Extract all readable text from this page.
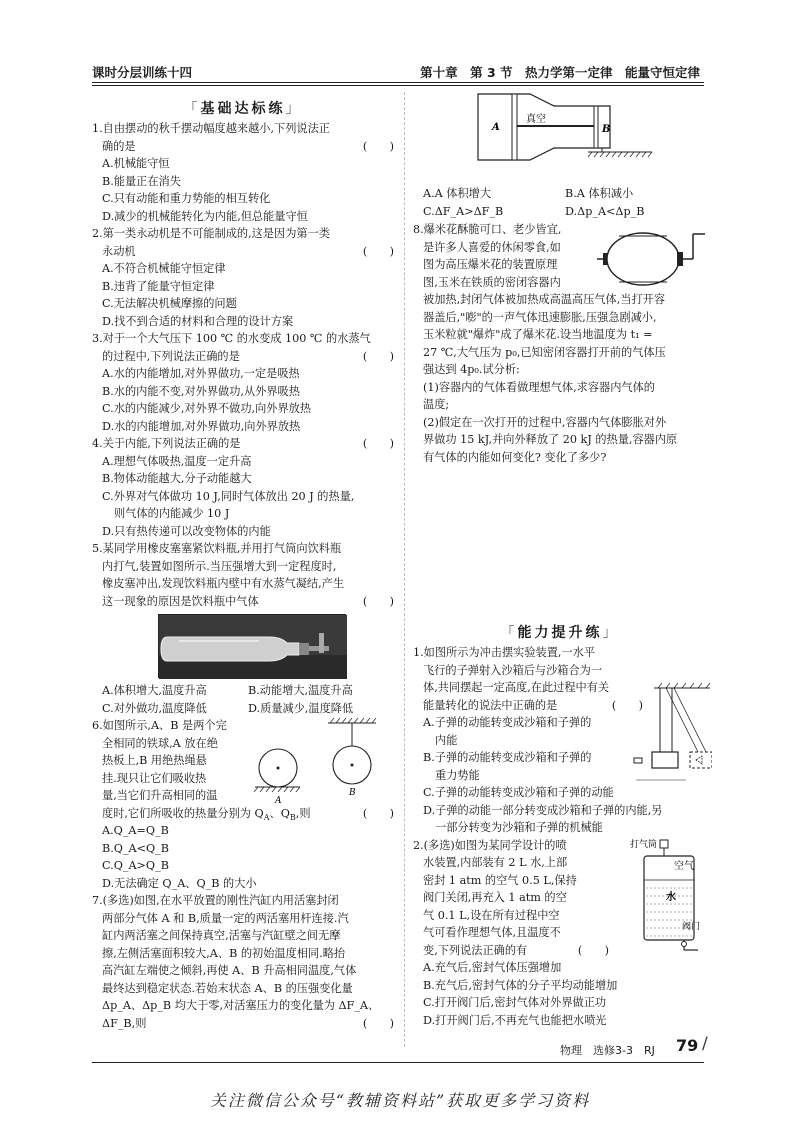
课时分层训练十四	第十章　第 3 节　热力学第一定律　能量守恒定律
「基础达标练」

1.自由摆动的秋千摆动幅度越来越小,下列说法正

确的是	(　　)

A.机械能守恒

B.能量正在消失

C.只有动能和重力势能的相互转化

D.减少的机械能转化为内能,但总能量守恒

2.第一类永动机是不可能制成的,这是因为第一类

永动机	(　　)

A.不符合机械能守恒定律

B.违背了能量守恒定律

C.无法解决机械摩擦的问题

D.找不到合适的材料和合理的设计方案

3.对于一个大气压下 100 ℃ 的水变成 100 ℃ 的水蒸气

的过程中,下列说法正确的是	(　　)

A.水的内能增加,对外界做功,一定是吸热

B.水的内能不变,对外界做功,从外界吸热

C.水的内能减少,对外界不做功,向外界放热

D.水的内能增加,对外界做功,向外界放热

4.关于内能,下列说法正确的是	(　　)

A.理想气体吸热,温度一定升高

B.物体动能越大,分子动能越大

C.外界对气体做功 10 J,同时气体放出 20 J 的热量,

则气体的内能减少 10 J

D.只有热传递可以改变物体的内能

5.某同学用橡皮塞塞紧饮料瓶,并用打气筒向饮料瓶

内打气,装置如图所示.当压强增大到一定程度时,

橡皮塞冲出,发现饮料瓶内壁中有水蒸气凝结,产生

这一现象的原因是饮料瓶中气体	(　　)
A.体积增大,温度升高	B.动能增大,温度升高
C.对外做功,温度降低	D.质量减少,温度降低

6.如图所示,A、B 是两个完

全相同的铁球,A 放在绝

热板上,B 用绝热绳悬

挂.现只让它们吸收热

量,当它们升高相同的温

度时,它们所吸收的热量分别为 $Q_A$、$Q_B$,则	(　　)

A.Q_A=Q_B

B.Q_A<Q_B

C.Q_A>Q_B

D.无法确定 Q_A、Q_B 的大小

A
B

7.(多选)如图,在水平放置的刚性汽缸内用活塞封闭

两部分气体 A 和 B,质量一定的两活塞用杆连接.汽

缸内两活塞之间保持真空,活塞与汽缸壁之间无摩

擦,左侧活塞面积较大,A、B 的初始温度相同.略抬

高汽缸左端使之倾斜,再使 A、B 升高相同温度,气体

最终达到稳定状态.若始末状态 A、B 的压强变化量

Δp_A、Δp_B 均大于零,对活塞压力的变化量为 ΔF_A、

ΔF_B,则	(　　)
A
真空
B
A.A 体积增大	B.A 体积减小
C.ΔF_A>ΔF_B	D.Δp_A<Δp_B

8.爆米花酥脆可口、老少皆宜,

是许多人喜爱的休闲零食,如

图为高压爆米花的装置原理

图,玉米在铁质的密闭容器内

被加热,封闭气体被加热成高温高压气体,当打开容

器盖后,"嘭"的一声气体迅速膨胀,压强急剧减小,

玉米粒就"爆炸"成了爆米花.设当地温度为 t₁ =

27 ℃,大气压为 p₀,已知密闭容器打开前的气体压

强达到 4p₀.试分析:

(1)容器内的气体看做理想气体,求容器内气体的

温度;

(2)假定在一次打开的过程中,容器内气体膨胀对外

界做功 15 kJ,并向外释放了 20 kJ 的热量,容器内原

有气体的内能如何变化? 变化了多少?

「能力提升练」

1.如图所示为冲击摆实验装置,一水平

飞行的子弹射入沙箱后与沙箱合为一

体,共同摆起一定高度,在此过程中有关

能量转化的说法中正确的是	(　　)

A.子弹的动能转变成沙箱和子弹的

内能

B.子弹的动能转变成沙箱和子弹的

重力势能

C.子弹的动能转变成沙箱和子弹的动能

D.子弹的动能一部分转变成沙箱和子弹的内能,另

一部分转变为沙箱和子弹的机械能

2.(多选)如图为某同学设计的喷

水装置,内部装有 2 L 水,上部

密封 1 atm 的空气 0.5 L,保持

阀门关闭,再充入 1 atm 的空

气 0.1 L,设在所有过程中空

气可看作理想气体,且温度不

变,下列说法正确的有	(　　)

A.充气后,密封气体压强增加

B.充气后,密封气体的分子平均动能增加

C.打开阀门后,密封气体对外界做正功

D.打开阀门后,不再充气也能把水喷光

打气筒
空气
水
阀门
物理　选修3-3　RJ 79 /
关注微信公众号“教辅资料站”获取更多学习资料
